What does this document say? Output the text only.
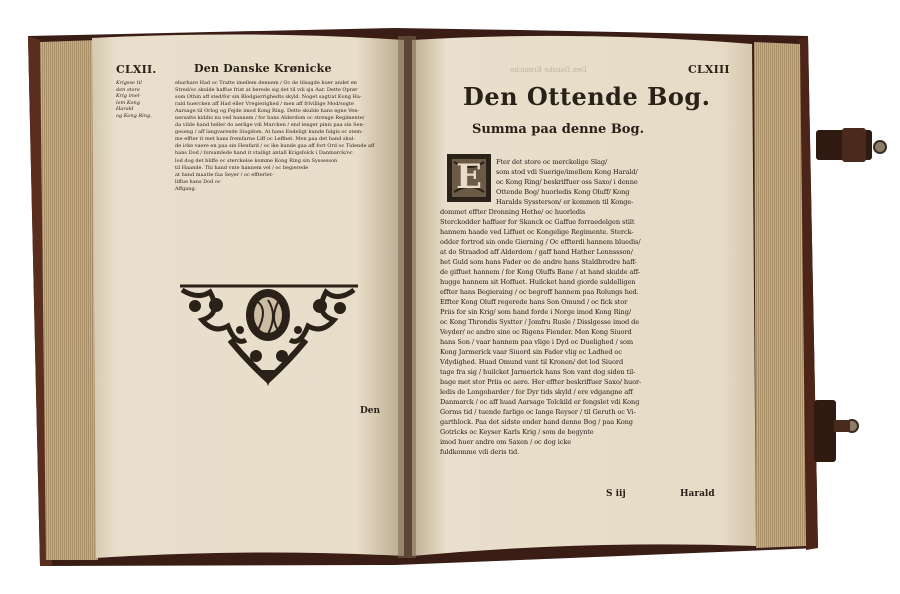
CLXII.	Den Danske Krønicke
Krigsse til
den store
Krig imel-
lem Kong
Harald
og Kong Ring.
ebarhare Had oc Tratte imellem dennem / Oc de tilsagde huer andet en
Stred/oc skulde haffue frist at berede sig det til vdi sju Aar. Dette Oprør
som Othin aff sted/for sin Blodgierrighedts skyld. Noget sagt/at Kong Ha-
rald huercken aff Had eller Vregierighed / men aff frivillige Mod/sogte
Aarsage til Orlog og Fejde imod Kong Ring. Dette skulde hans egne Ven-
nersatte kiddis nu ved hannem / for hans Alderdom oc strenge Regimente/
da vilde hand heller do aerlige vdi Marcken / end lenger pinis paa sin Sen-
geseng / aff langvarende Siugdom. At hans Endeligt kunde fulgis oc stem-
me effter it met hans fremfarne Liff oc Leffnet. Men paa det hand skul-
de icke vaere en paa sin Henfard / oc ike kunde gaa aff fort Ord oc Tidende aff
hans Dod / forsamlede hand it vtalligt antall Krigsfolck i Danmarck/oc
lod dog det bliffe oc sterckelse komme Kong Ring sin Syssesson
til Haande. Thi hand vnte hannem vel / oc begierede
at hand maatte faa Seyer / oc effterlet-
liffue hans Dod oc
Affgang.
Den
Den Danske Krønicke	CLXIII
Den Ottende Bog.
Summa paa denne Bog.
E Fter det store oc merckelige Slag/
som stod vdi Suerige/imellem Kong Harald/
oc Kong Ring/ beskriffuer oss Saxo/ i denne
Ottende Bog/ huorledis Kong Oluff/ Kong
Haralds Syssterson/ er kommen til Konge-
dommet effter Dronning Hethe/ oc huorledis
Sterckodder haffuer for Skanck oc Gaffue forraedelgen stilt
hannem haade ved Liffuet oc Kongelige Regimente. Sterck-
odder fortrod sin onde Gierning / Oc effterdi hannem bluedis/
at do Straadod aff Alderdom / gaff hand Hather Lennssson/
het Guld som hans Fader oc de andre hans Staldbrodre haff-
de giffuet hannem / for Kong Oluffs Bane / at hand skulde aff-
hugge hannem sit Hoffuet. Huilcket hand giorde suldelligen
effter hans Begieraing / oc begroff hannem paa Rolungs hed.
Effter Kong Oluff regerede hans Son Omund / oc fick stor
Priis for sin Krig/ som hand forde i Norge imod Kong Ring/
oc Kong Throndis Systter / Jomfru Rusle / Disslgesse imod de
Veyder/ oc andre sine oc Rigens Fiender. Men Kong Siuord
hans Son / vaar hannem paa vlige i Dyd oc Duelighed / som
Kong Jarmerick vaar Siuord sin Fader vlig oc Ladhed oc
Vdydighed. Huad Omund vant til Kronen/ det lod Siuord
tage fra sig / huilcket Jarmerick hans Son vant dog siden til-
bage met stor Priis oc aere. Her effter beskriffuer Saxo/ huor-
ledis de Longobarder / for Dyr tids skyld / ere vdgangne aff
Danmarck / oc aff huad Aarsage Tolckild er fengslet vdi Kong
Gorms tid / tuende farlige oc lange Reyser / til Geruth oc Vi-
garthlock. Paa det sidste ender hand denne Bog / paa Kong
Gotricks oc Keyser Karls Krig / som de begynte
imod huer andre om Saxen / oc dog icke
fuldkomme vdi deris tid.
S iij	Harald
